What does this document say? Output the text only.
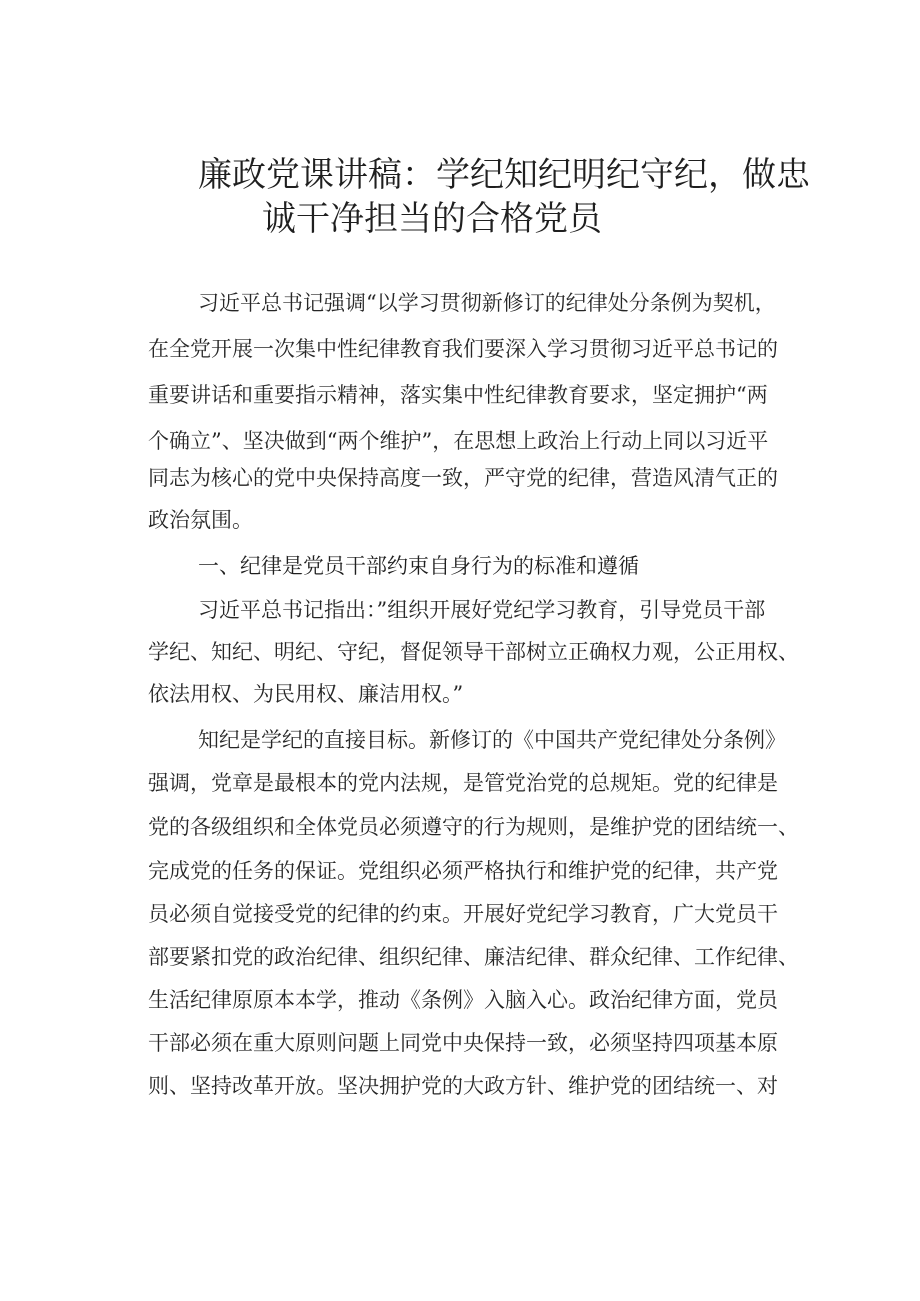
廉政党课讲稿：学纪知纪明纪守纪，做忠
诚干净担当的合格党员
习近平总书记强调“以学习贯彻新修订的纪律处分条例为契机，
在全党开展一次集中性纪律教育我们要深入学习贯彻习近平总书记的
重要讲话和重要指示精神，落实集中性纪律教育要求，坚定拥护“两
个确立”、坚决做到“两个维护”，在思想上政治上行动上同以习近平
同志为核心的党中央保持高度一致，严守党的纪律，营造风清气正的
政治氛围。
一、纪律是党员干部约束自身行为的标准和遵循
习近平总书记指出：”组织开展好党纪学习教育，引导党员干部
学纪、知纪、明纪、守纪，督促领导干部树立正确权力观，公正用权、
依法用权、为民用权、廉洁用权。”
知纪是学纪的直接目标。新修订的《中国共产党纪律处分条例》
强调，党章是最根本的党内法规，是管党治党的总规矩。党的纪律是
党的各级组织和全体党员必须遵守的行为规则，是维护党的团结统一、
完成党的任务的保证。党组织必须严格执行和维护党的纪律，共产党
员必须自觉接受党的纪律的约束。开展好党纪学习教育，广大党员干
部要紧扣党的政治纪律、组织纪律、廉洁纪律、群众纪律、工作纪律、
生活纪律原原本本学，推动《条例》入脑入心。政治纪律方面，党员
干部必须在重大原则问题上同党中央保持一致，必须坚持四项基本原
则、坚持改革开放。坚决拥护党的大政方针、维护党的团结统一、对
